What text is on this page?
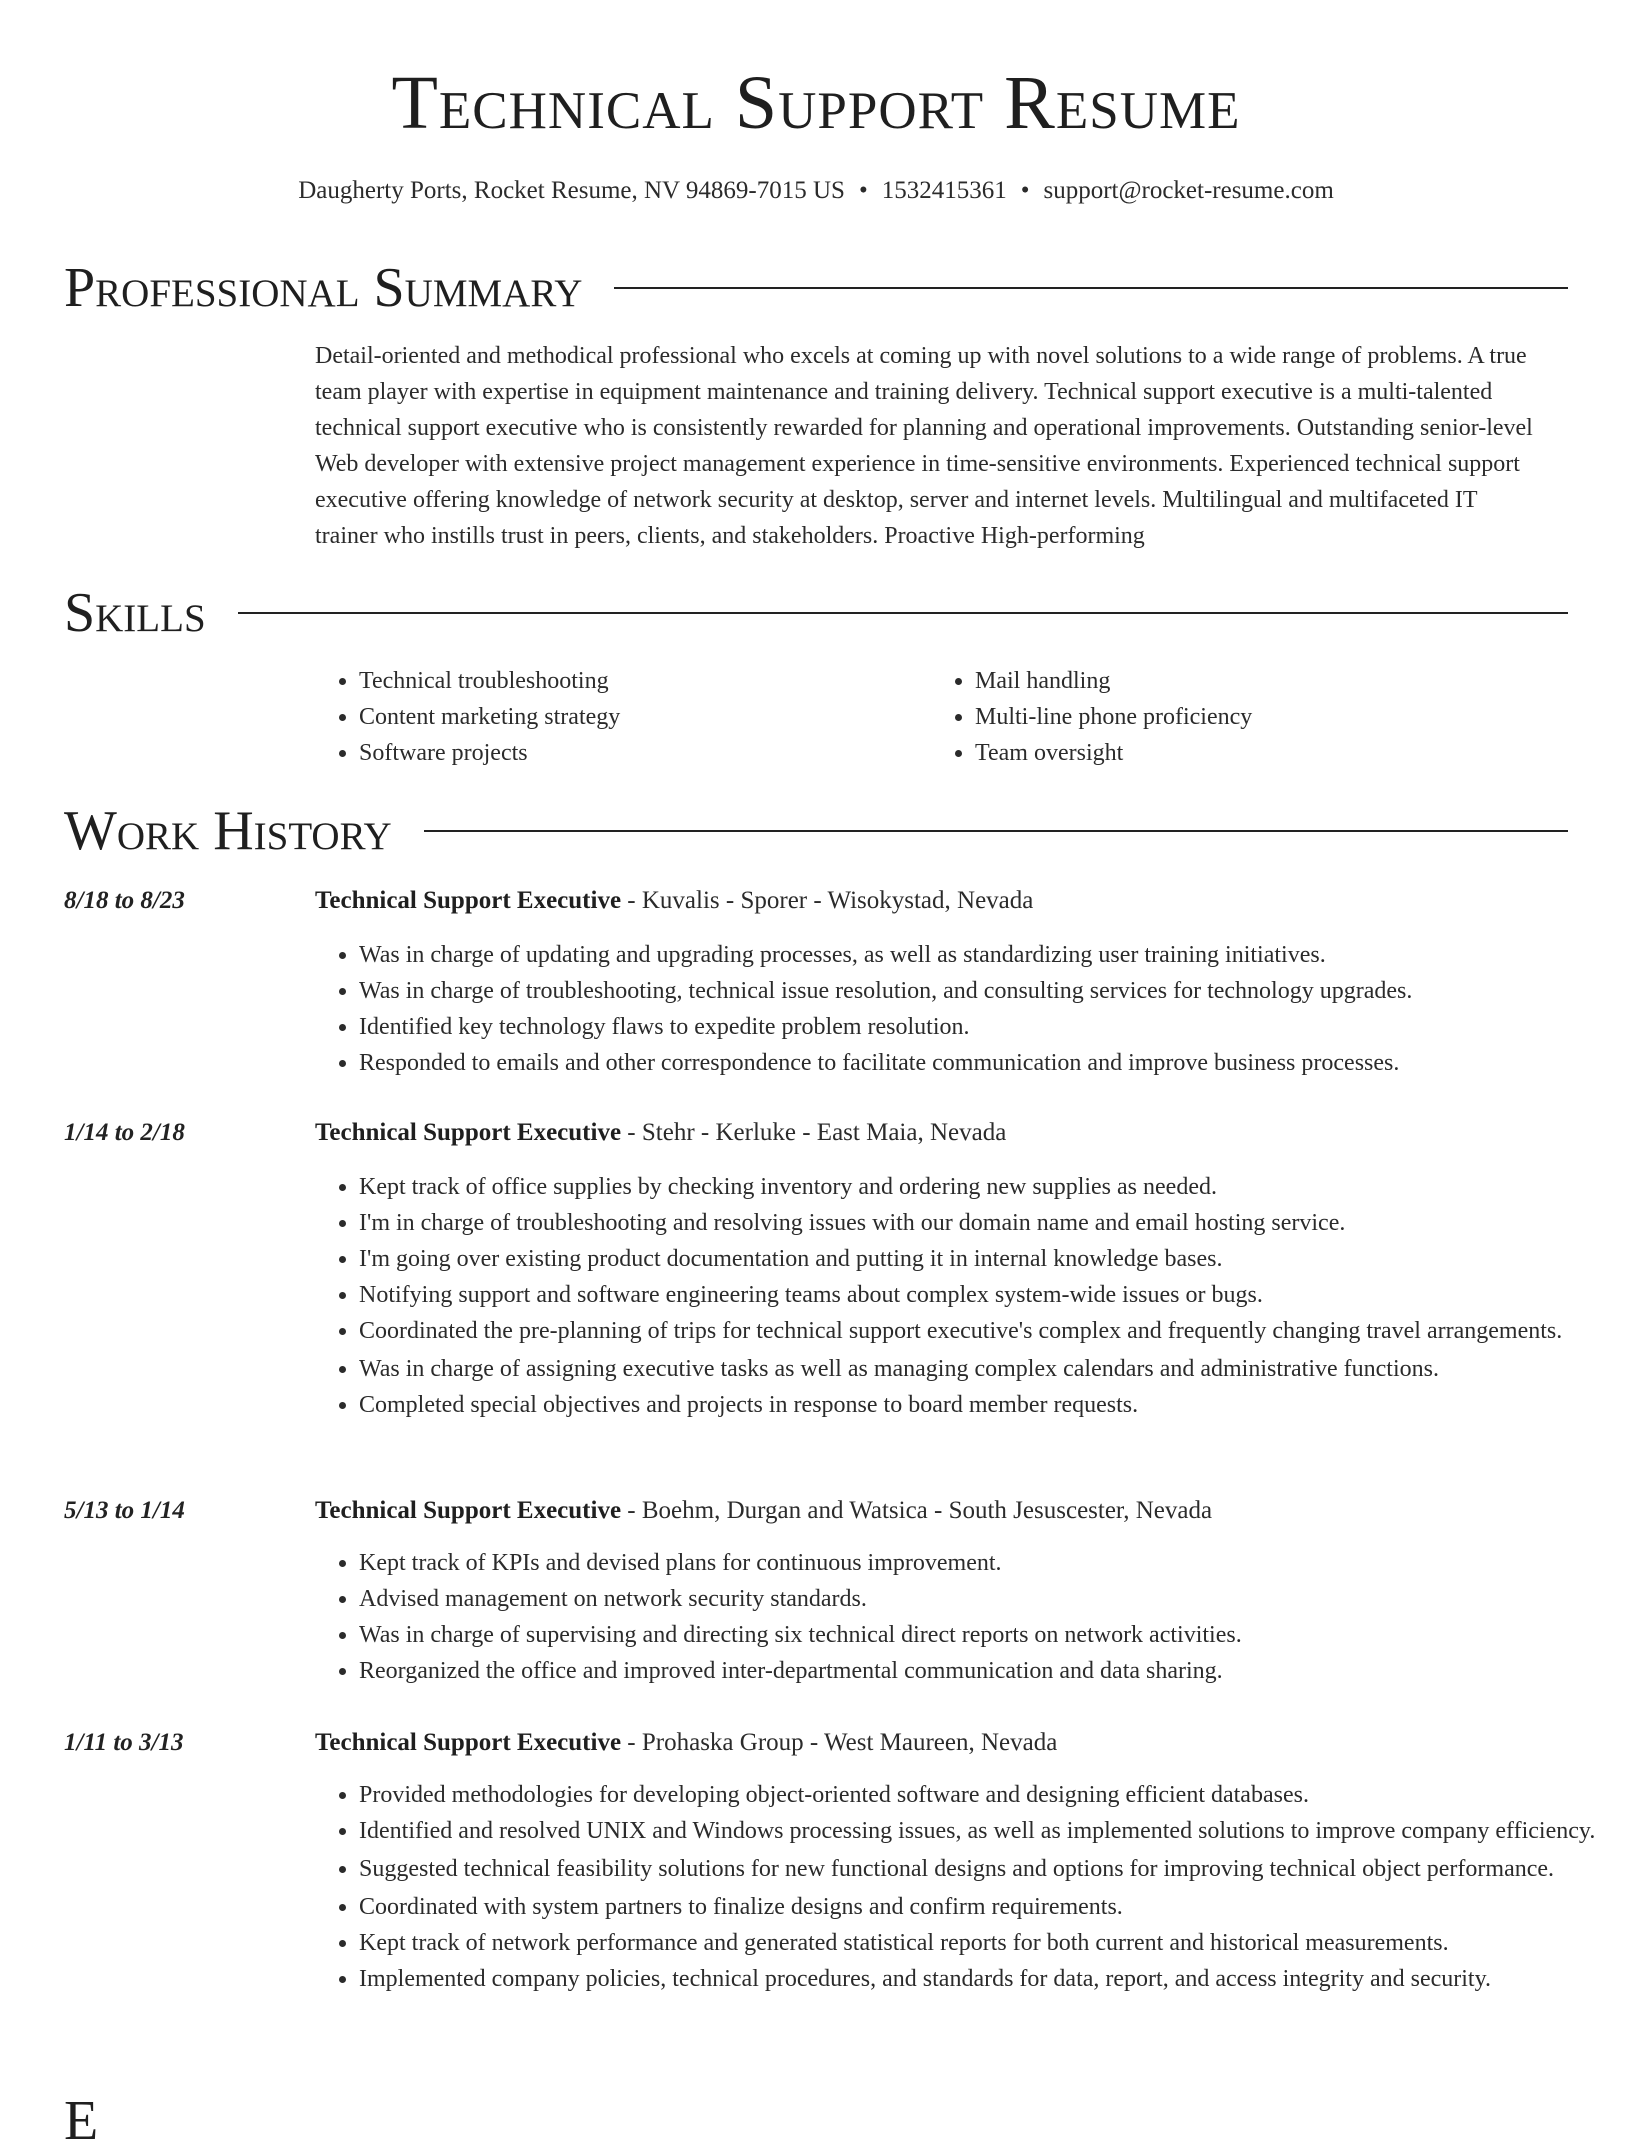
Technical Support Resume
Daugherty Ports, Rocket Resume, NV 94869-7015 US • 1532415361 • support@rocket-resume.com
Professional Summary

Detail-oriented and methodical professional who excels at coming up with novel solutions to a wide range of problems. A true team player with expertise in equipment maintenance and training delivery. Technical support executive is a multi-talented technical support executive who is consistently rewarded for planning and operational improvements. Outstanding senior-level Web developer with extensive project management experience in time-sensitive environments. Experienced technical support executive offering knowledge of network security at desktop, server and internet levels. Multilingual and multifaceted IT trainer who instills trust in peers, clients, and stakeholders. Proactive High-performing

Skills
• Technical troubleshooting
• Content marketing strategy
• Software projects
• Mail handling
• Multi-line phone proficiency
• Team oversight
Work History
8/18 to 8/23	Technical Support Executive - Kuvalis - Sporer - Wisokystad, Nevada
• Was in charge of updating and upgrading processes, as well as standardizing user training initiatives.
• Was in charge of troubleshooting, technical issue resolution, and consulting services for technology upgrades.
• Identified key technology flaws to expedite problem resolution.
• Responded to emails and other correspondence to facilitate communication and improve business processes.
1/14 to 2/18	Technical Support Executive - Stehr - Kerluke - East Maia, Nevada
• Kept track of office supplies by checking inventory and ordering new supplies as needed.
• I'm in charge of troubleshooting and resolving issues with our domain name and email hosting service.
• I'm going over existing product documentation and putting it in internal knowledge bases.
• Notifying support and software engineering teams about complex system-wide issues or bugs.
• Coordinated the pre-planning of trips for technical support executive's complex and frequently changing travel arrangements.
• Was in charge of assigning executive tasks as well as managing complex calendars and administrative functions.
• Completed special objectives and projects in response to board member requests.
5/13 to 1/14	Technical Support Executive - Boehm, Durgan and Watsica - South Jesuscester, Nevada
• Kept track of KPIs and devised plans for continuous improvement.
• Advised management on network security standards.
• Was in charge of supervising and directing six technical direct reports on network activities.
• Reorganized the office and improved inter-departmental communication and data sharing.
1/11 to 3/13	Technical Support Executive - Prohaska Group - West Maureen, Nevada
• Provided methodologies for developing object-oriented software and designing efficient databases.
• Identified and resolved UNIX and Windows processing issues, as well as implemented solutions to improve company efficiency.
• Suggested technical feasibility solutions for new functional designs and options for improving technical object performance.
• Coordinated with system partners to finalize designs and confirm requirements.
• Kept track of network performance and generated statistical reports for both current and historical measurements.
• Implemented company policies, technical procedures, and standards for data, report, and access integrity and security.
E
